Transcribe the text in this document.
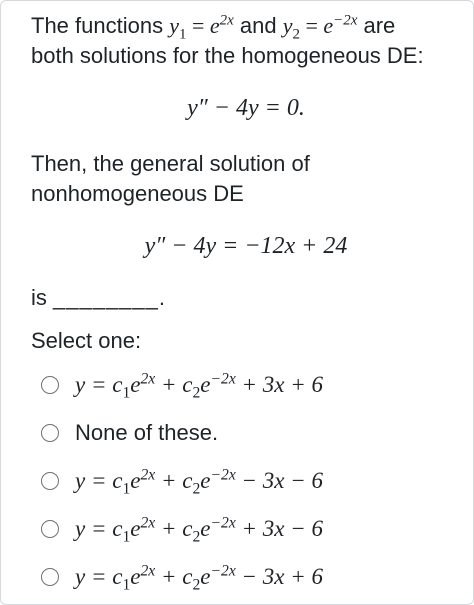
The functions $y_1 = e^{2x}$ and $y_2 = e^{-2x}$ are

both solutions for the homogeneous DE:

y″ − 4y = 0.

Then, the general solution of

nonhomogeneous DE

y″ − 4y = −12x + 24

is ________.

Select one:
$y = c_1e^{2x} + c_2e^{-2x} + 3x + 6$
None of these.
$y = c_1e^{2x} + c_2e^{-2x} - 3x - 6$
$y = c_1e^{2x} + c_2e^{-2x} + 3x - 6$
$y = c_1e^{2x} + c_2e^{-2x} - 3x + 6$
